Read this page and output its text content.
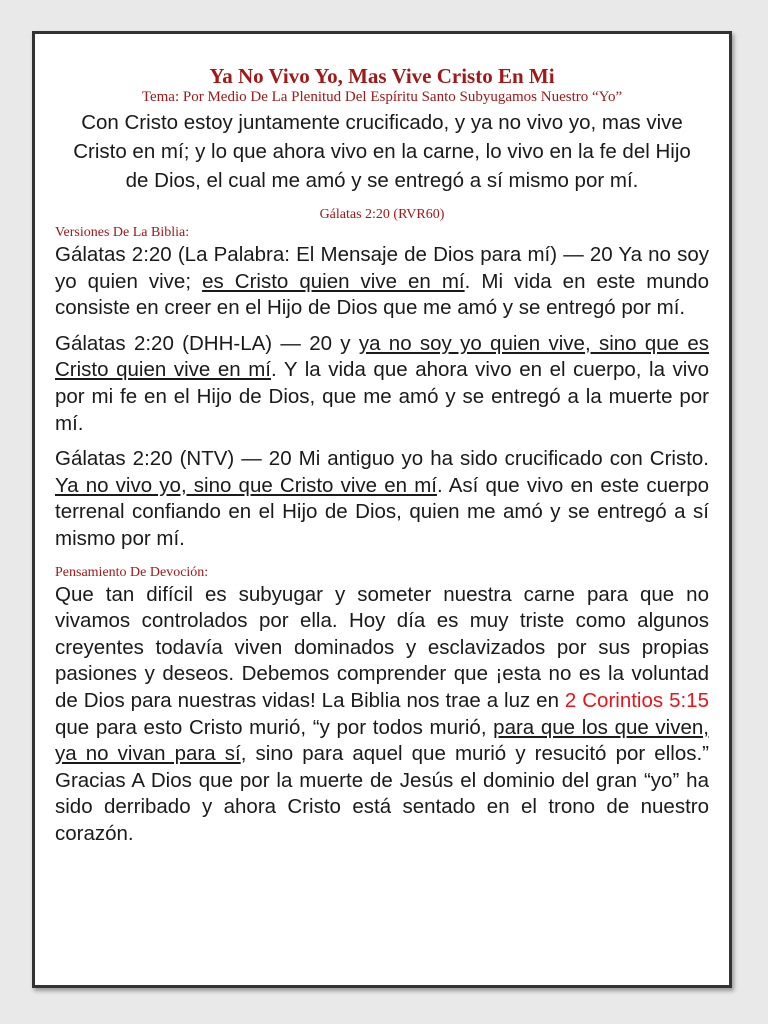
Ya No Vivo Yo, Mas Vive Cristo En Mi

Tema: Por Medio De La Plenitud Del Espíritu Santo Subyugamos Nuestro “Yo”

Con Cristo estoy juntamente crucificado, y ya no vivo yo, mas vive Cristo en mí; y lo que ahora vivo en la carne, lo vivo en la fe del Hijo de Dios, el cual me amó y se entregó a sí mismo por mí.

Gálatas 2:20 (RVR60)

Versiones De La Biblia:

Gálatas 2:20 (La Palabra: El Mensaje de Dios para mí) — 20 Ya no soy yo quien vive; es Cristo quien vive en mí. Mi vida en este mundo consiste en creer en el Hijo de Dios que me amó y se entregó por mí.

Gálatas 2:20 (DHH-LA) — 20 y ya no soy yo quien vive, sino que es Cristo quien vive en mí. Y la vida que ahora vivo en el cuerpo, la vivo por mi fe en el Hijo de Dios, que me amó y se entregó a la muerte por mí.

Gálatas 2:20 (NTV) — 20 Mi antiguo yo ha sido crucificado con Cristo. Ya no vivo yo, sino que Cristo vive en mí. Así que vivo en este cuerpo terrenal confiando en el Hijo de Dios, quien me amó y se entregó a sí mismo por mí.

Pensamiento De Devoción:

Que tan difícil es subyugar y someter nuestra carne para que no vivamos controlados por ella. Hoy día es muy triste como algunos creyentes todavía viven dominados y esclavizados por sus propias pasiones y deseos. Debemos comprender que ¡esta no es la voluntad de Dios para nuestras vidas! La Biblia nos trae a luz en 2 Corintios 5:15 que para esto Cristo murió, “y por todos murió, para que los que viven, ya no vivan para sí, sino para aquel que murió y resucitó por ellos.” Gracias A Dios que por la muerte de Jesús el dominio del gran “yo” ha sido derribado y ahora Cristo está sentado en el trono de nuestro corazón.
